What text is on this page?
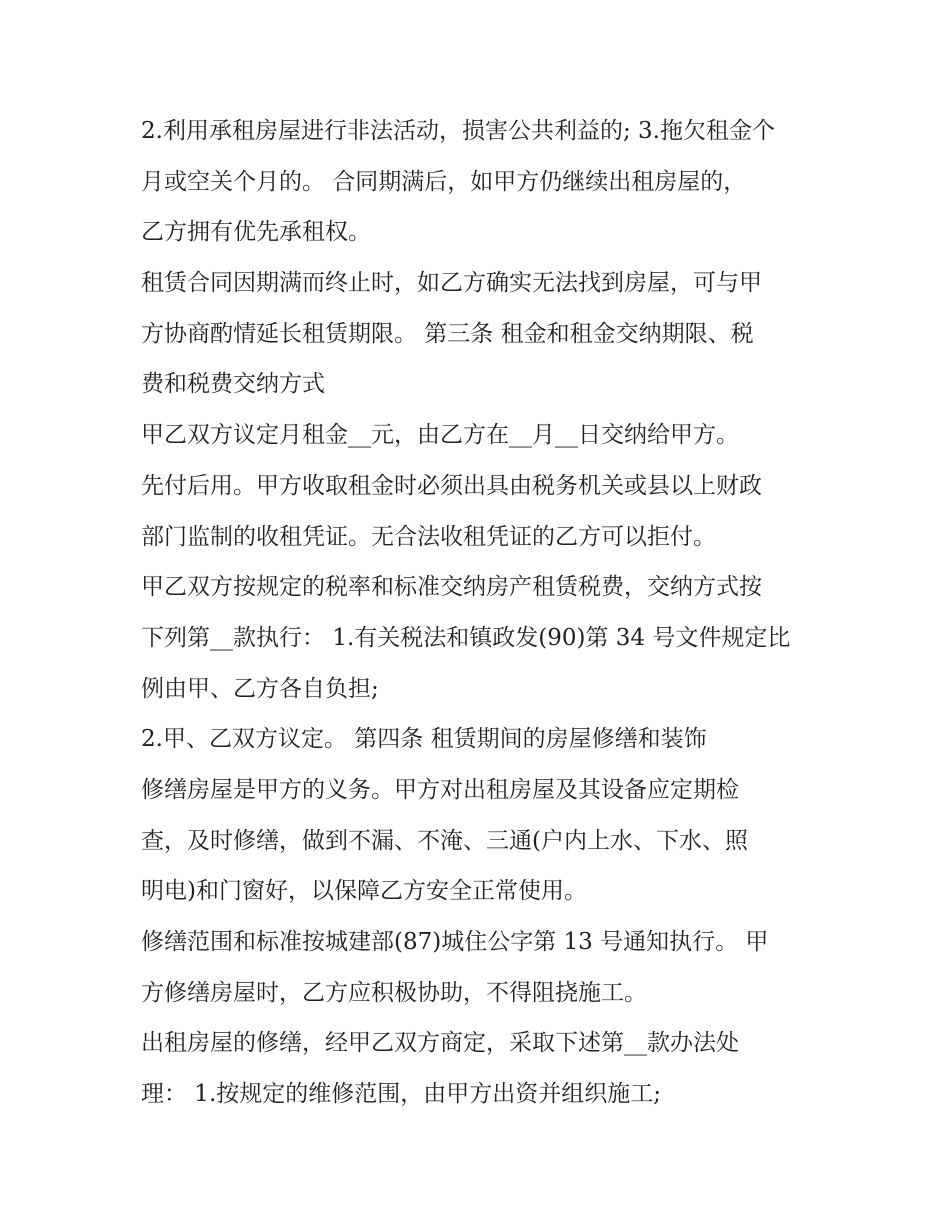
2.利用承租房屋进行非法活动，损害公共利益的; 3.拖欠租金个
月或空关个月的。 合同期满后，如甲方仍继续出租房屋的，
乙方拥有优先承租权。
租赁合同因期满而终止时，如乙方确实无法找到房屋，可与甲
方协商酌情延长租赁期限。 第三条 租金和租金交纳期限、税
费和税费交纳方式
甲乙双方议定月租金__元，由乙方在__月__日交纳给甲方。
先付后用。甲方收取租金时必须出具由税务机关或县以上财政
部门监制的收租凭证。无合法收租凭证的乙方可以拒付。
甲乙双方按规定的税率和标准交纳房产租赁税费，交纳方式按
下列第__款执行： 1.有关税法和镇政发(90)第 34 号文件规定比
例由甲、乙方各自负担;
2.甲、乙双方议定。 第四条 租赁期间的房屋修缮和装饰
修缮房屋是甲方的义务。甲方对出租房屋及其设备应定期检
查，及时修缮，做到不漏、不淹、三通(户内上水、下水、照
明电)和门窗好，以保障乙方安全正常使用。
修缮范围和标准按城建部(87)城住公字第 13 号通知执行。 甲
方修缮房屋时，乙方应积极协助，不得阻挠施工。
出租房屋的修缮，经甲乙双方商定，采取下述第__款办法处
理： 1.按规定的维修范围，由甲方出资并组织施工;
